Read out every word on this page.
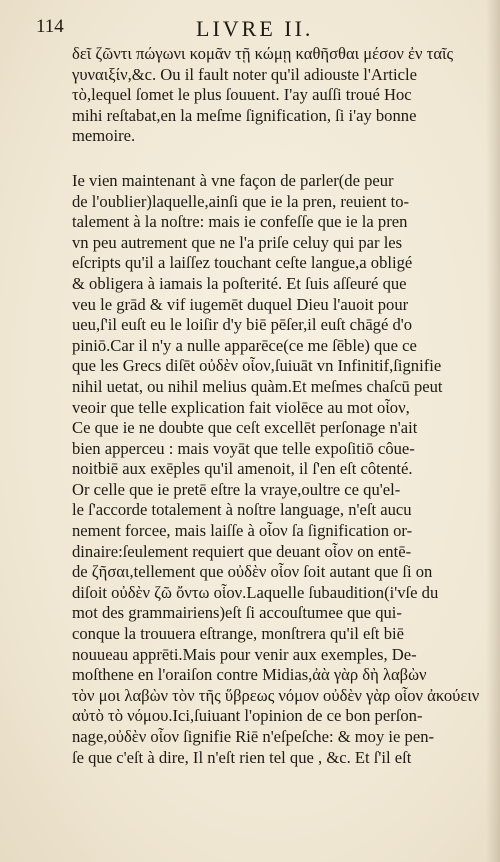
114	LIVRE II.
δεῖ ζῶντι πώγωνι κομᾶν τῇ κώμῃ καθῆσθαι μέσον ἐν ταῖς
γυναιξίν,&c. Ou il fault noter qu'il adiouste l'Article
τὸ,lequel ſomet le plus ſouuent. I'ay auſſi troué Hoc
mihi reſtabat,en la meſme ſignification, ſi i'ay bonne
memoire.
Ie vien maintenant à vne façon de parler(de peur
de l'oublier)laquelle,ainſi que ie la pren, reuient to-
talement à la noſtre: mais ie confeſſe que ie la pren
vn peu autrement que ne l'a priſe celuy qui par les
eſcripts qu'il a laiſſez touchant ceſte langue,a obligé
& obligera à iamais la poſterité. Et ſuis aſſeuré que
veu le grād & vif iugemēt duquel Dieu l'auoit pour
ueu,ſ'il euſt eu le loiſir d'y biē pēſer,il euſt chāgé d'o
piniō.Car il n'y a nulle apparēce(ce me ſēble) que ce
que les Grecs diſēt οὐδὲν οἷον,ſuiuāt vn Infinitif,ſignifie
nihil uetat, ou nihil melius quàm.Et meſmes chaſcū peut
veoir que telle explication fait violēce au mot οἷον,
Ce que ie ne doubte que ceſt excellēt perſonage n'ait
bien apperceu : mais voyāt que telle expoſitiō côue-
noitbiē aux exēples qu'il amenoit, il ſ'en eſt côtenté.
Or celle que ie pretē eſtre la vraye,oultre ce qu'el-
le ſ'accorde totalement à noſtre language, n'eſt aucu
nement forcee, mais laiſſe à οἷον ſa ſignification or-
dinaire:ſeulement requiert que deuant οἷον on entē-
de ζῆσαι,tellement que οὐδὲν οἷον ſoit autant que ſi on
diſoit οὐδὲν ζῶ ὄντω οἷον.Laquelle ſubaudition(i'vſe du
mot des grammairiens)eſt ſi accouſtumee que qui-
conque la trouuera eſtrange, monſtrera qu'il eſt biē
nouueau apprēti.Mais pour venir aux exemples, De-
moſthene en l'oraiſon contre Midias,ἀὰ γὰρ δὴ λαβὼν
τὸν μοι λαβὼν τὸν τῆς ὕβρεως νόμον οὐδὲν γὰρ οἷον ἀκούειν
αὐτὸ τὸ νόμου.Ici,ſuiuant l'opinion de ce bon perſon-
nage,οὐδὲν οἷον ſignifie Riē n'eſpeſche: & moy ie pen-
ſe que c'eſt à dire, Il n'eſt rien tel que , &c. Et ſ'il eſt
